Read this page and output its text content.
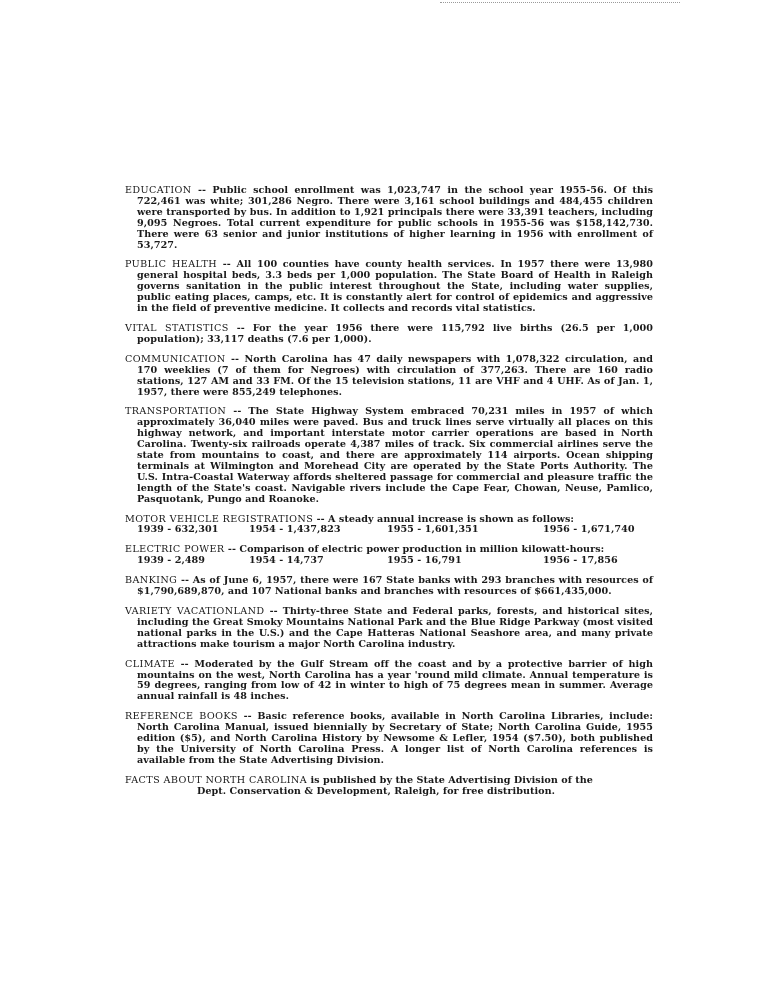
EDUCATION -- Public school enrollment was 1,023,747 in the school year 1955-56. Of this 722,461 was white; 301,286 Negro. There were 3,161 school buildings and 484,455 children were transported by bus. In addition to 1,921 principals there were 33,391 teachers, including 9,095 Negroes. Total current expenditure for public schools in 1955-56 was $158,142,730. There were 63 senior and junior institutions of higher learning in 1956 with enrollment of 53,727.

PUBLIC HEALTH -- All 100 counties have county health services. In 1957 there were 13,980 general hospital beds, 3.3 beds per 1,000 population. The State Board of Health in Raleigh governs sanitation in the public interest throughout the State, including water supplies, public eating places, camps, etc. It is constantly alert for control of epidemics and aggressive in the field of preventive medicine. It collects and records vital statistics.

VITAL STATISTICS -- For the year 1956 there were 115,792 live births (26.5 per 1,000 population); 33,117 deaths (7.6 per 1,000).

COMMUNICATION -- North Carolina has 47 daily newspapers with 1,078,322 circulation, and 170 weeklies (7 of them for Negroes) with circulation of 377,263. There are 160 radio stations, 127 AM and 33 FM. Of the 15 television stations, 11 are VHF and 4 UHF. As of Jan. 1, 1957, there were 855,249 telephones.

TRANSPORTATION -- The State Highway System embraced 70,231 miles in 1957 of which approximately 36,040 miles were paved. Bus and truck lines serve virtually all places on this highway network, and important interstate motor carrier operations are based in North Carolina. Twenty-six railroads operate 4,387 miles of track. Six commercial airlines serve the state from mountains to coast, and there are approximately 114 airports. Ocean shipping terminals at Wilmington and Morehead City are operated by the State Ports Authority. The U.S. Intra-Coastal Waterway affords sheltered passage for commercial and pleasure traffic the length of the State's coast. Navigable rivers include the Cape Fear, Chowan, Neuse, Pamlico, Pasquotank, Pungo and Roanoke.

MOTOR VEHICLE REGISTRATIONS -- A steady annual increase is shown as follows:

1939 - 632,301	1954 - 1,437,823	1955 - 1,601,351	1956 - 1,671,740

ELECTRIC POWER -- Comparison of electric power production in million kilowatt-hours:

1939 - 2,489	1954 - 14,737	1955 - 16,791	1956 - 17,856

BANKING -- As of June 6, 1957, there were 167 State banks with 293 branches with resources of $1,790,689,870, and 107 National banks and branches with resources of $661,435,000.

VARIETY VACATIONLAND -- Thirty-three State and Federal parks, forests, and historical sites, including the Great Smoky Mountains National Park and the Blue Ridge Parkway (most visited national parks in the U.S.) and the Cape Hatteras National Seashore area, and many private attractions make tourism a major North Carolina industry.

CLIMATE -- Moderated by the Gulf Stream off the coast and by a protective barrier of high mountains on the west, North Carolina has a year 'round mild climate. Annual temperature is 59 degrees, ranging from low of 42 in winter to high of 75 degrees mean in summer. Average annual rainfall is 48 inches.

REFERENCE BOOKS -- Basic reference books, available in North Carolina Libraries, include: North Carolina Manual, issued biennially by Secretary of State; North Carolina Guide, 1955 edition ($5), and North Carolina History by Newsome & Lefler, 1954 ($7.50), both published by the University of North Carolina Press. A longer list of North Carolina references is available from the State Advertising Division.

FACTS ABOUT NORTH CAROLINA is published by the State Advertising Division of the
Dept. Conservation & Development, Raleigh, for free distribution.
